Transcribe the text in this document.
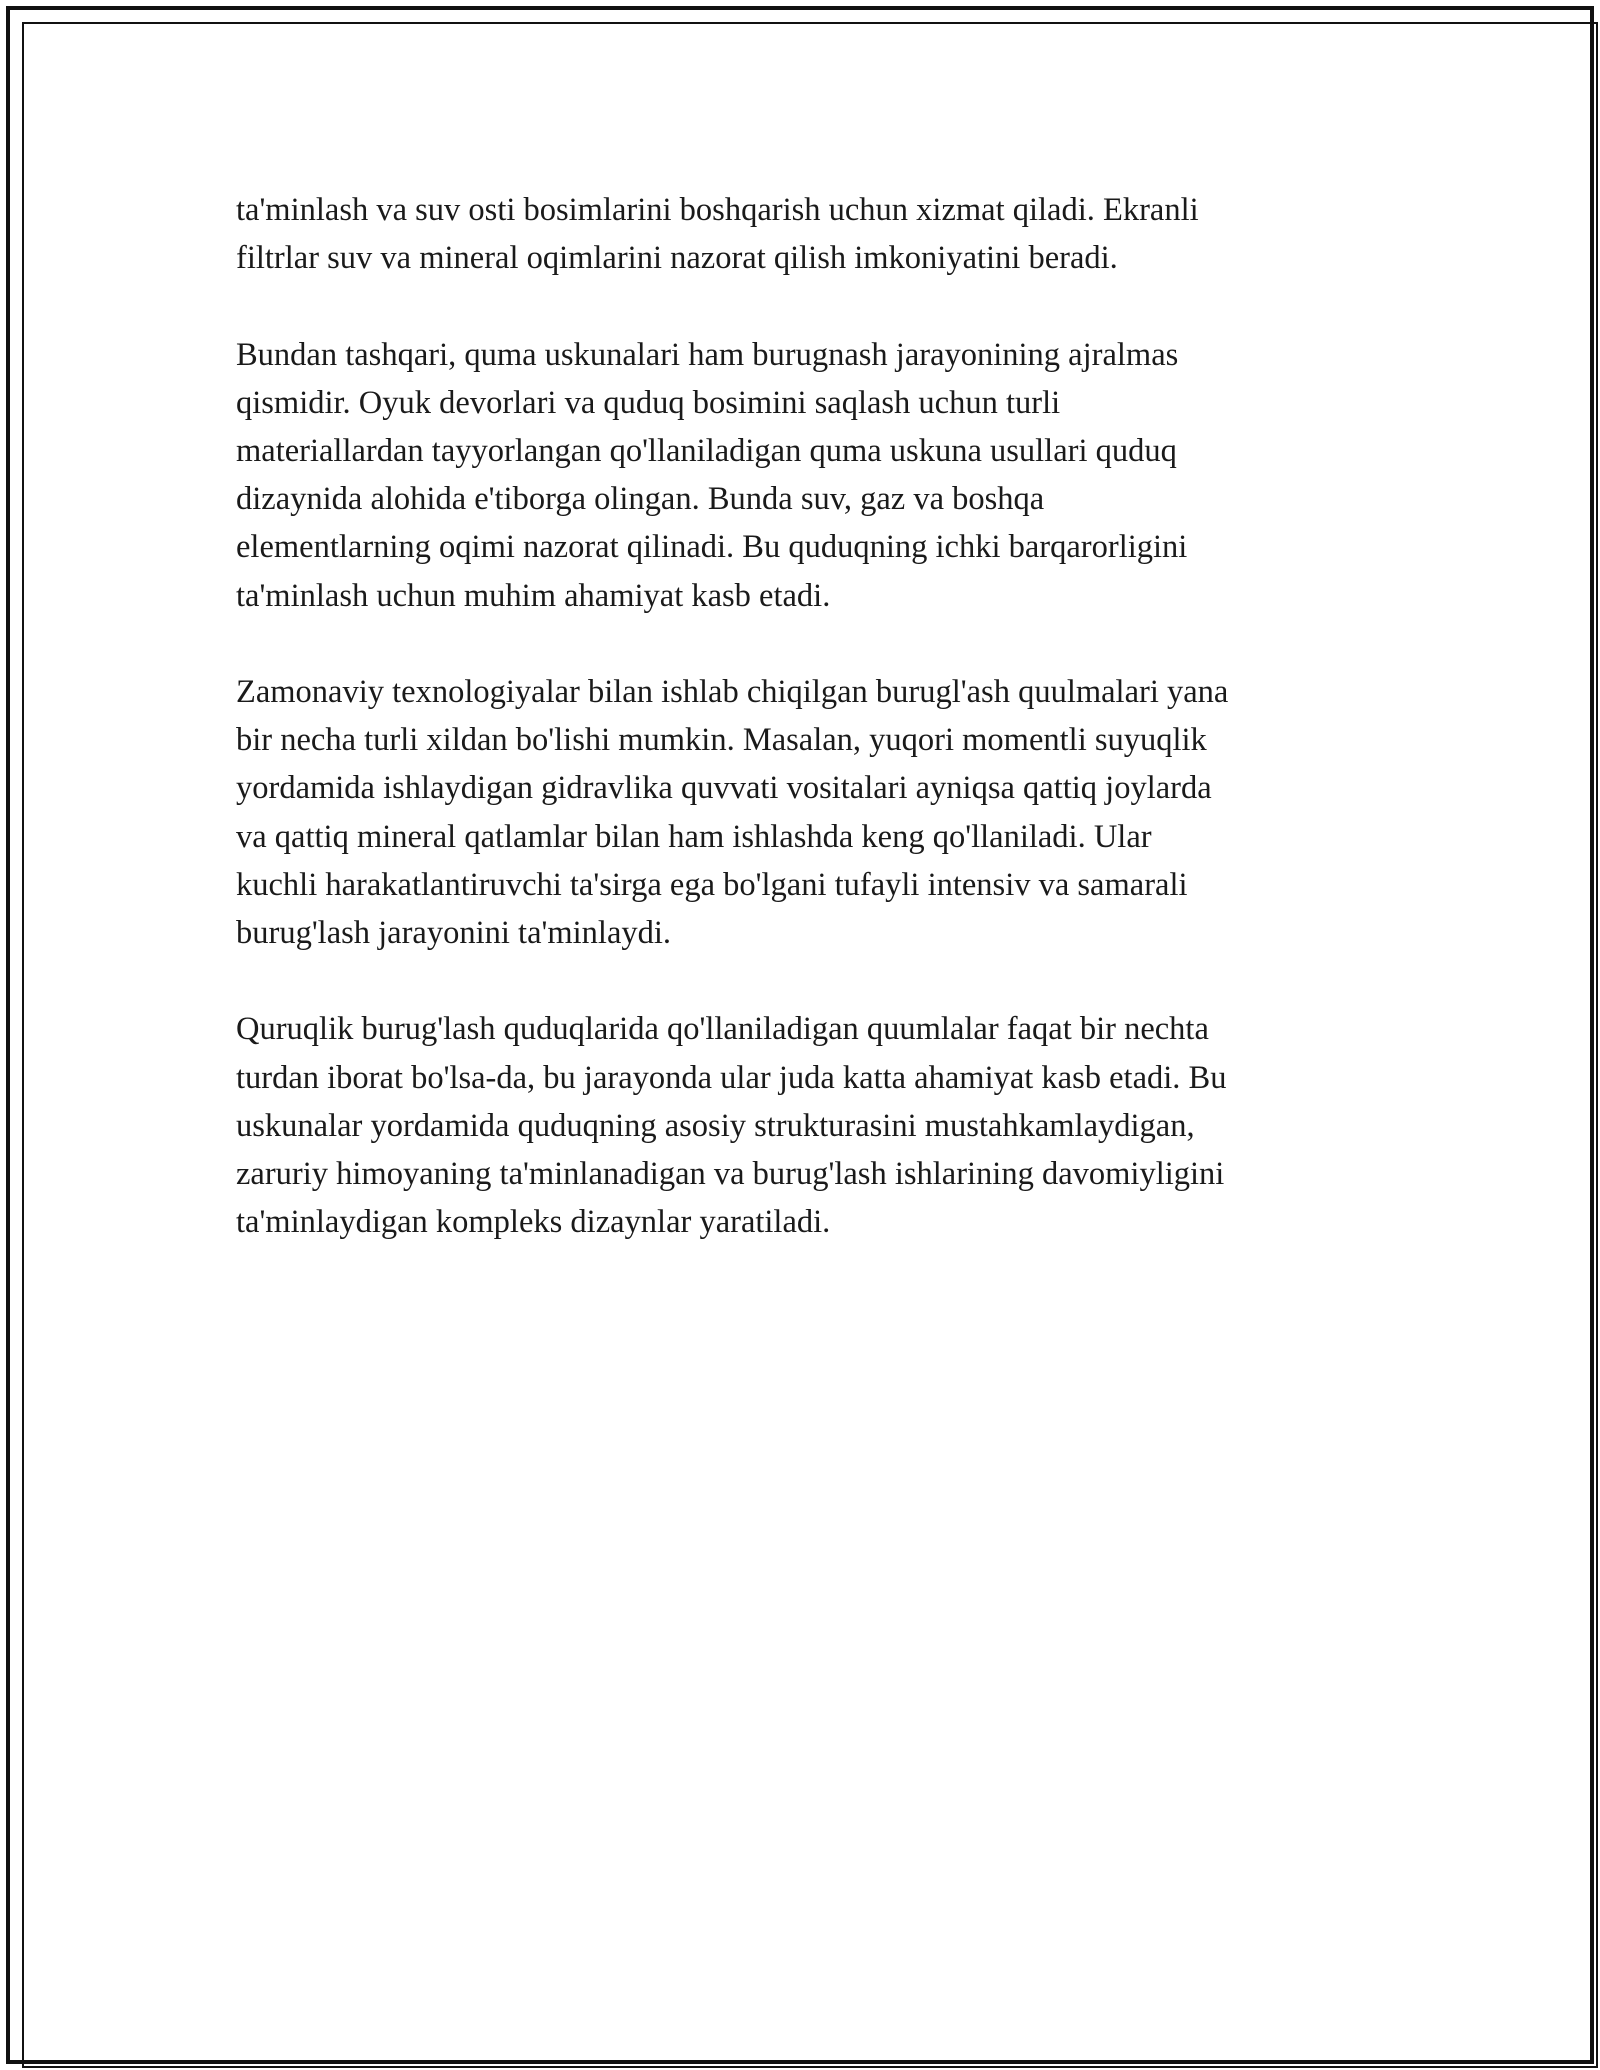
ta'minlash va suv osti bosimlarini boshqarish uchun xizmat qiladi. Ekranli
filtrlar suv va mineral oqimlarini nazorat qilish imkoniyatini beradi.

Bundan tashqari, quma uskunalari ham burugnash jarayonining ajralmas
qismidir. Oyuk devorlari va quduq bosimini saqlash uchun turli
materiallardan tayyorlangan qo'llaniladigan quma uskuna usullari quduq
dizaynida alohida e'tiborga olingan. Bunda suv, gaz va boshqa
elementlarning oqimi nazorat qilinadi. Bu quduqning ichki barqarorligini
ta'minlash uchun muhim ahamiyat kasb etadi.

Zamonaviy texnologiyalar bilan ishlab chiqilgan burugl'ash quulmalari yana
bir necha turli xildan bo'lishi mumkin. Masalan, yuqori momentli suyuqlik
yordamida ishlaydigan gidravlika quvvati vositalari ayniqsa qattiq joylarda
va qattiq mineral qatlamlar bilan ham ishlashda keng qo'llaniladi. Ular
kuchli harakatlantiruvchi ta'sirga ega bo'lgani tufayli intensiv va samarali
burug'lash jarayonini ta'minlaydi.

Quruqlik burug'lash quduqlarida qo'llaniladigan quumlalar faqat bir nechta
turdan iborat bo'lsa-da, bu jarayonda ular juda katta ahamiyat kasb etadi. Bu
uskunalar yordamida quduqning asosiy strukturasini mustahkamlaydigan,
zaruriy himoyaning ta'minlanadigan va burug'lash ishlarining davomiyligini
ta'minlaydigan kompleks dizaynlar yaratiladi.
